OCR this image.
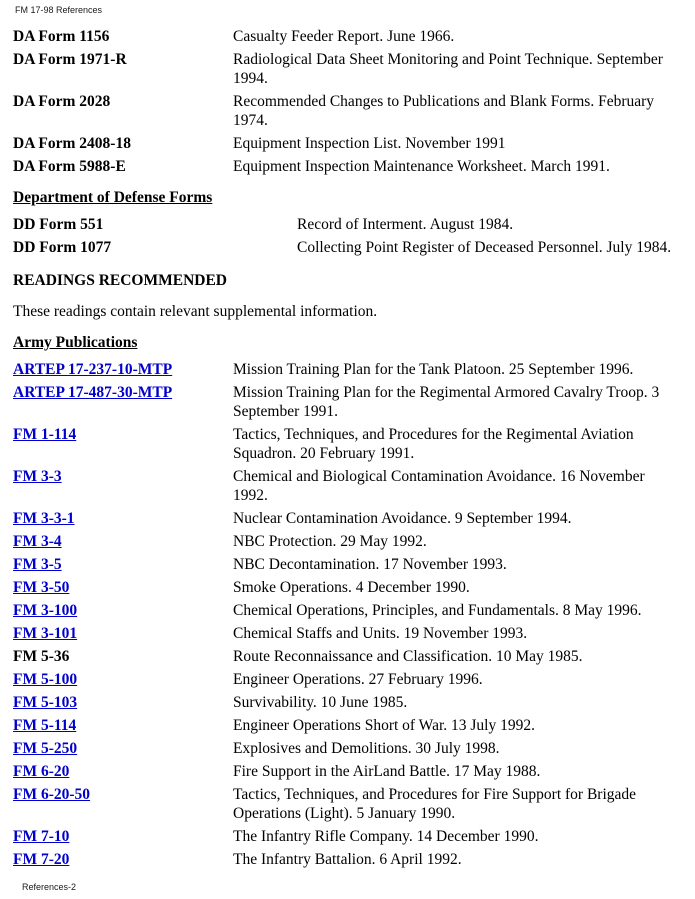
FM 17-98 References
DA Form 1156	Casualty Feeder Report. June 1966.
DA Form 1971-R	Radiological Data Sheet Monitoring and Point Technique. September 1994.
DA Form 2028	Recommended Changes to Publications and Blank Forms. February 1974.
DA Form 2408-18	Equipment Inspection List. November 1991
DA Form 5988-E	Equipment Inspection Maintenance Worksheet. March 1991.
Department of Defense Forms
DD Form 551	Record of Interment. August 1984.
DD Form 1077	Collecting Point Register of Deceased Personnel. July 1984.
READINGS RECOMMENDED
These readings contain relevant supplemental information.
Army Publications
ARTEP 17-237-10-MTP	Mission Training Plan for the Tank Platoon. 25 September 1996.
ARTEP 17-487-30-MTP	Mission Training Plan for the Regimental Armored Cavalry Troop. 3 September 1991.
FM 1-114	Tactics, Techniques, and Procedures for the Regimental Aviation Squadron. 20 February 1991.
FM 3-3	Chemical and Biological Contamination Avoidance. 16 November 1992.
FM 3-3-1	Nuclear Contamination Avoidance. 9 September 1994.
FM 3-4	NBC Protection. 29 May 1992.
FM 3-5	NBC Decontamination. 17 November 1993.
FM 3-50	Smoke Operations. 4 December 1990.
FM 3-100	Chemical Operations, Principles, and Fundamentals. 8 May 1996.
FM 3-101	Chemical Staffs and Units. 19 November 1993.
FM 5-36	Route Reconnaissance and Classification. 10 May 1985.
FM 5-100	Engineer Operations. 27 February 1996.
FM 5-103	Survivability. 10 June 1985.
FM 5-114	Engineer Operations Short of War. 13 July 1992.
FM 5-250	Explosives and Demolitions. 30 July 1998.
FM 6-20	Fire Support in the AirLand Battle. 17 May 1988.
FM 6-20-50	Tactics, Techniques, and Procedures for Fire Support for Brigade Operations (Light). 5 January 1990.
FM 7-10	The Infantry Rifle Company. 14 December 1990.
FM 7-20	The Infantry Battalion. 6 April 1992.
References-2
